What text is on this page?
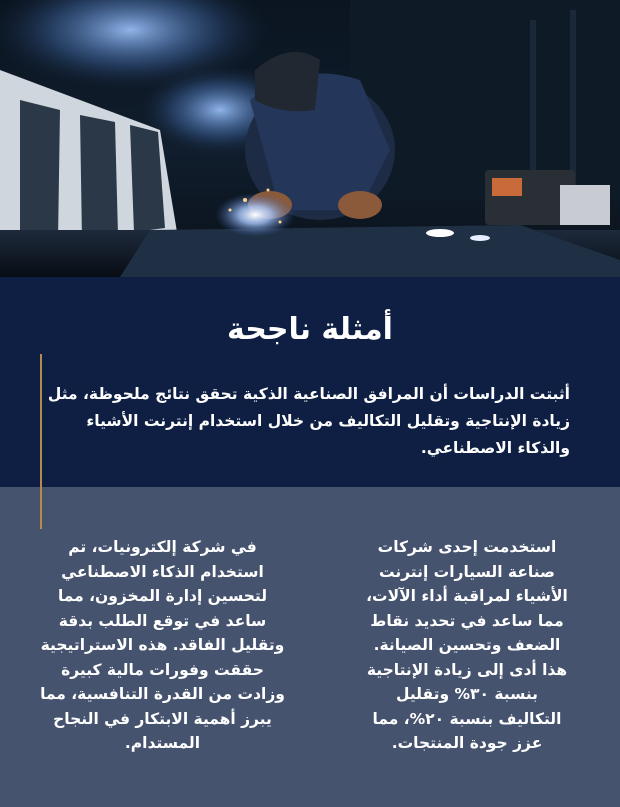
أمثلة ناجحة

أثبتت الدراسات أن المرافق الصناعية الذكية تحقق نتائج ملحوظة، مثل زيادة الإنتاجية وتقليل التكاليف من خلال استخدام إنترنت الأشياء والذكاء الاصطناعي.

استخدمت إحدى شركات صناعة السيارات إنترنت الأشياء لمراقبة أداء الآلات، مما ساعد في تحديد نقاط الضعف وتحسين الصيانة. هذا أدى إلى زيادة الإنتاجية بنسبة ٣٠% وتقليل التكاليف بنسبة ٢٠%، مما عزز جودة المنتجات.

في شركة إلكترونيات، تم استخدام الذكاء الاصطناعي لتحسين إدارة المخزون، مما ساعد في توقع الطلب بدقة وتقليل الفاقد. هذه الاستراتيجية حققت وفورات مالية كبيرة وزادت من القدرة التنافسية، مما يبرز أهمية الابتكار في النجاح المستدام.
